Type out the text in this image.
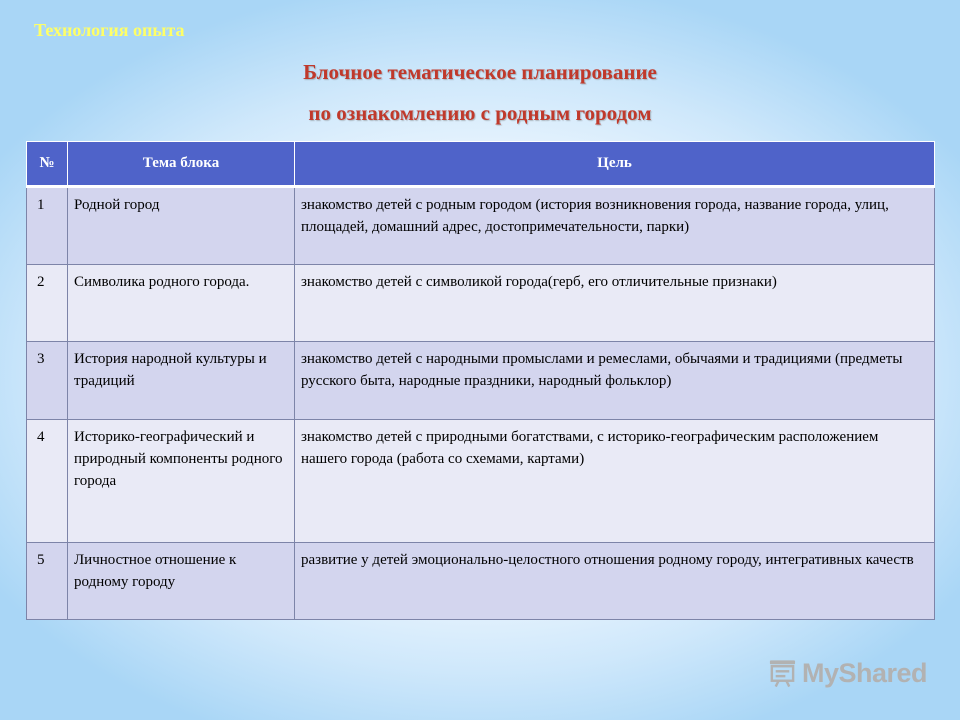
Технология опыта
Блочное тематическое планирование
по ознакомлению с родным городом
№	Тема блока	Цель
1	Родной город	знакомство детей с родным городом (история возникновения города, название города, улиц, площадей, домашний адрес, достопримечательности, парки)
2	Символика родного города.	знакомство детей с символикой города(герб, его отличительные признаки)
3	История народной культуры и традиций	знакомство детей с народными промыслами и ремеслами, обычаями и традициями (предметы русского быта, народные праздники, народный фольклор)
4	Историко-географический и природный компоненты родного города	знакомство детей с природными богатствами, с историко-географическим расположением нашего города (работа со схемами, картами)
5	Личностное отношение к родному городу	развитие у детей эмоционально-целостного отношения родному городу, интегративных качеств
MyShared
